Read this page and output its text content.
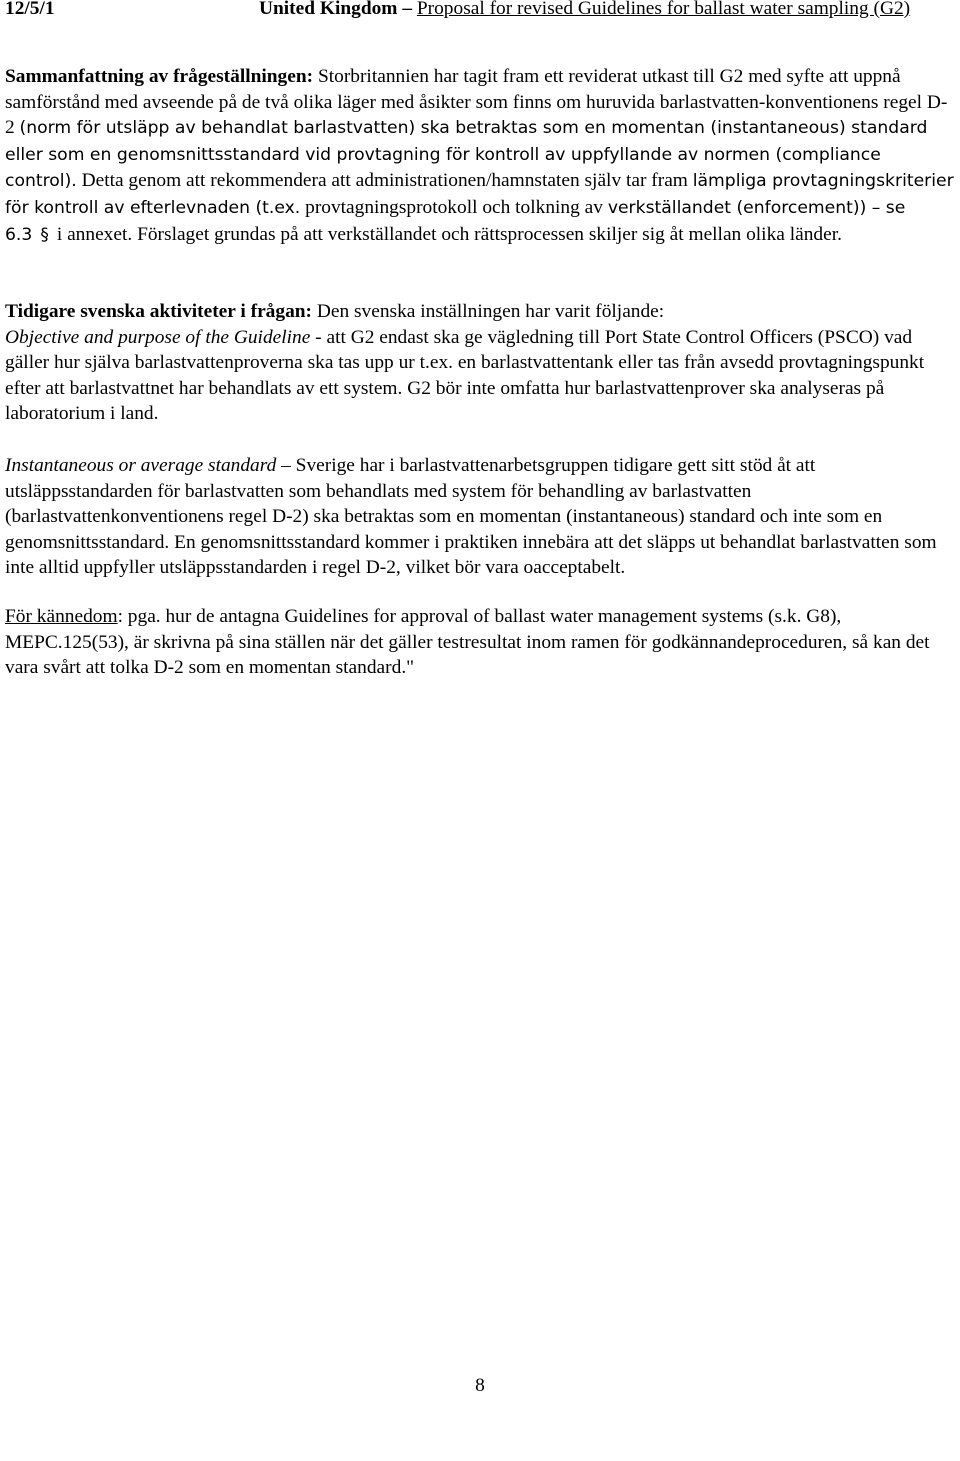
12/5/1	United Kingdom – Proposal for revised Guidelines for ballast water sampling (G2)

Sammanfattning av frågeställningen: Storbritannien har tagit fram ett reviderat utkast till G2 med syfte att uppnå samförstånd med avseende på de två olika läger med åsikter som finns om huruvida barlastvatten-konventionens regel D-2 (norm för utsläpp av behandlat barlastvatten) ska betraktas som en momentan (instantaneous) standard eller som en genomsnittsstandard vid provtagning för kontroll av uppfyllande av normen (compliance control). Detta genom att rekommendera att administrationen/hamnstaten själv tar fram lämpliga provtagningskriterier för kontroll av efterlevnaden (t.ex. provtagningsprotokoll och tolkning av verkställandet (enforcement)) – se 6.3 § i annexet. Förslaget grundas på att verkställandet och rättsprocessen skiljer sig åt mellan olika länder.

Tidigare svenska aktiviteter i frågan: Den svenska inställningen har varit följande:
Objective and purpose of the Guideline - att G2 endast ska ge vägledning till Port State Control Officers (PSCO) vad gäller hur själva barlastvattenproverna ska tas upp ur t.ex. en barlastvattentank eller tas från avsedd provtagningspunkt efter att barlastvattnet har behandlats av ett system. G2 bör inte omfatta hur barlastvattenprover ska analyseras på laboratorium i land.

Instantaneous or average standard – Sverige har i barlastvattenarbetsgruppen tidigare gett sitt stöd åt att utsläppsstandarden för barlastvatten som behandlats med system för behandling av barlastvatten (barlastvattenkonventionens regel D-2) ska betraktas som en momentan (instantaneous) standard och inte som en genomsnittsstandard. En genomsnittsstandard kommer i praktiken innebära att det släpps ut behandlat barlastvatten som inte alltid uppfyller utsläppsstandarden i regel D-2, vilket bör vara oacceptabelt.

För kännedom: pga. hur de antagna Guidelines for approval of ballast water management systems (s.k. G8), MEPC.125(53), är skrivna på sina ställen när det gäller testresultat inom ramen för godkännandeproceduren, så kan det vara svårt att tolka D-2 som en momentan standard."

8
